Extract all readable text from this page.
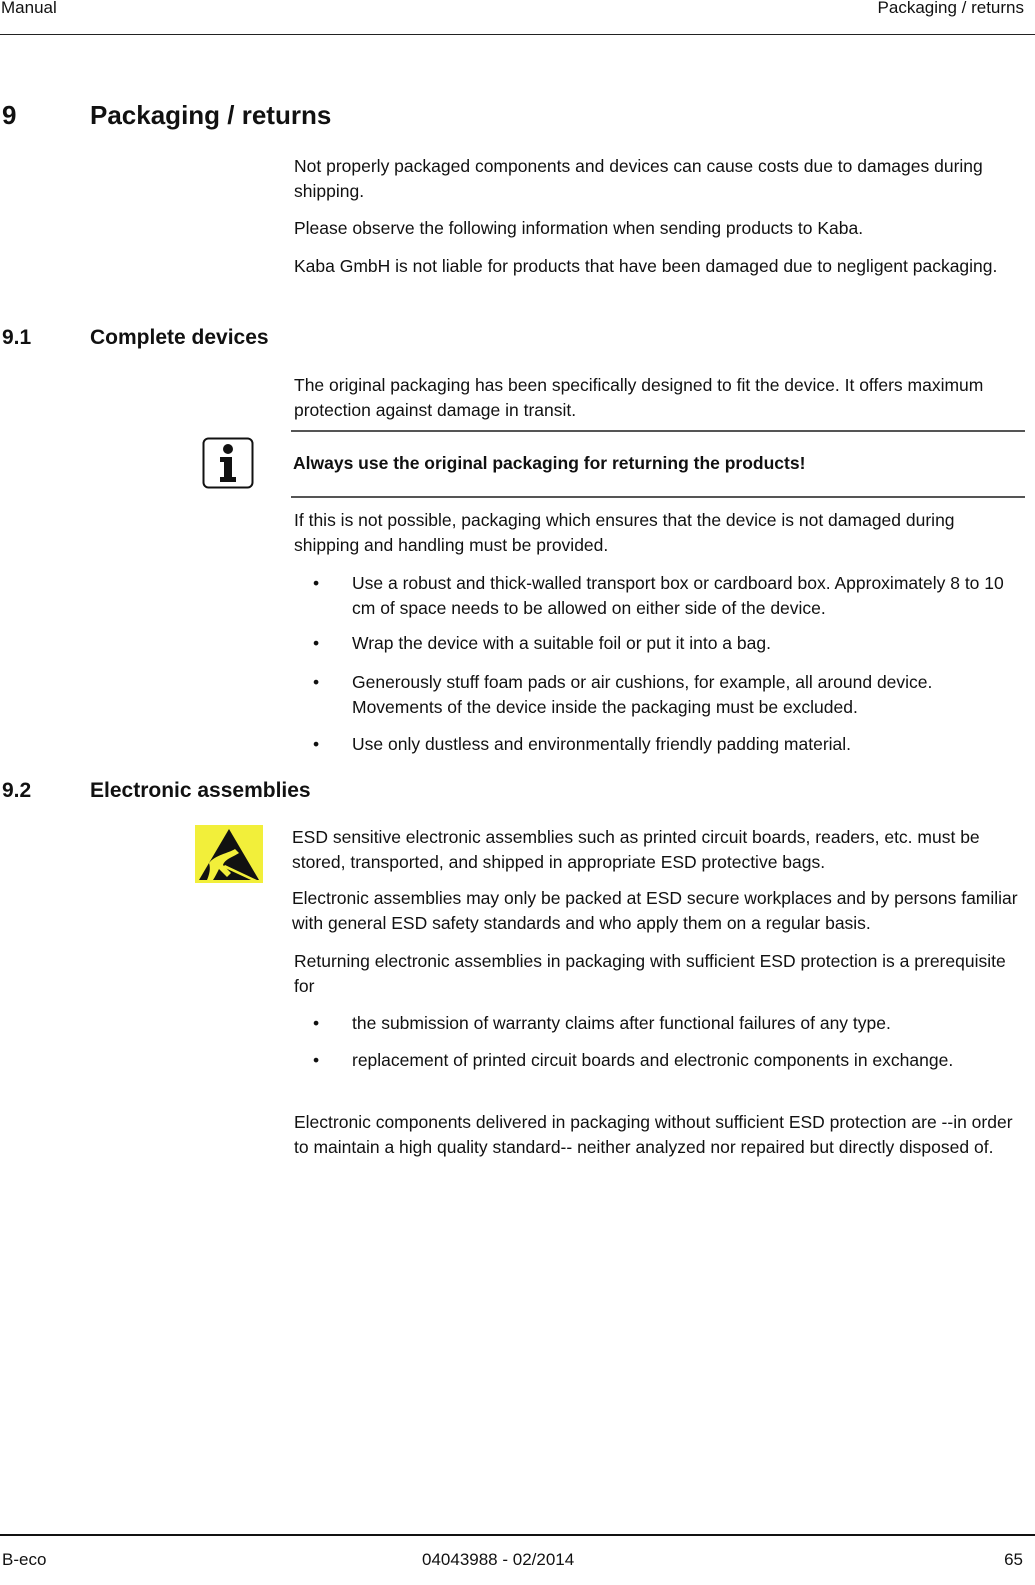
Manual	Packaging / returns
9	Packaging / returns
Not properly packaged components and devices can cause costs due to damages during shipping.
Please observe the following information when sending products to Kaba.
Kaba GmbH is not liable for products that have been damaged due to negligent packaging.
9.1	Complete devices
The original packaging has been specifically designed to fit the device. It offers maximum protection against damage in transit.
Always use the original packaging for returning the products!
If this is not possible, packaging which ensures that the device is not damaged during shipping and handling must be provided.
• Use a robust and thick-walled transport box or cardboard box. Approximately 8 to 10 cm of space needs to be allowed on either side of the device.
• Wrap the device with a suitable foil or put it into a bag.
• Generously stuff foam pads or air cushions, for example, all around device. Movements of the device inside the packaging must be excluded.
• Use only dustless and environmentally friendly padding material.
9.2	Electronic assemblies
ESD sensitive electronic assemblies such as printed circuit boards, readers, etc. must be stored, transported, and shipped in appropriate ESD protective bags.
Electronic assemblies may only be packed at ESD secure workplaces and by persons familiar with general ESD safety standards and who apply them on a regular basis.
Returning electronic assemblies in packaging with sufficient ESD protection is a prerequisite for
• the submission of warranty claims after functional failures of any type.
• replacement of printed circuit boards and electronic components in exchange.
Electronic components delivered in packaging without sufficient ESD protection are --in order to maintain a high quality standard-- neither analyzed nor repaired but directly disposed of.
B-eco	04043988 - 02/2014	65
